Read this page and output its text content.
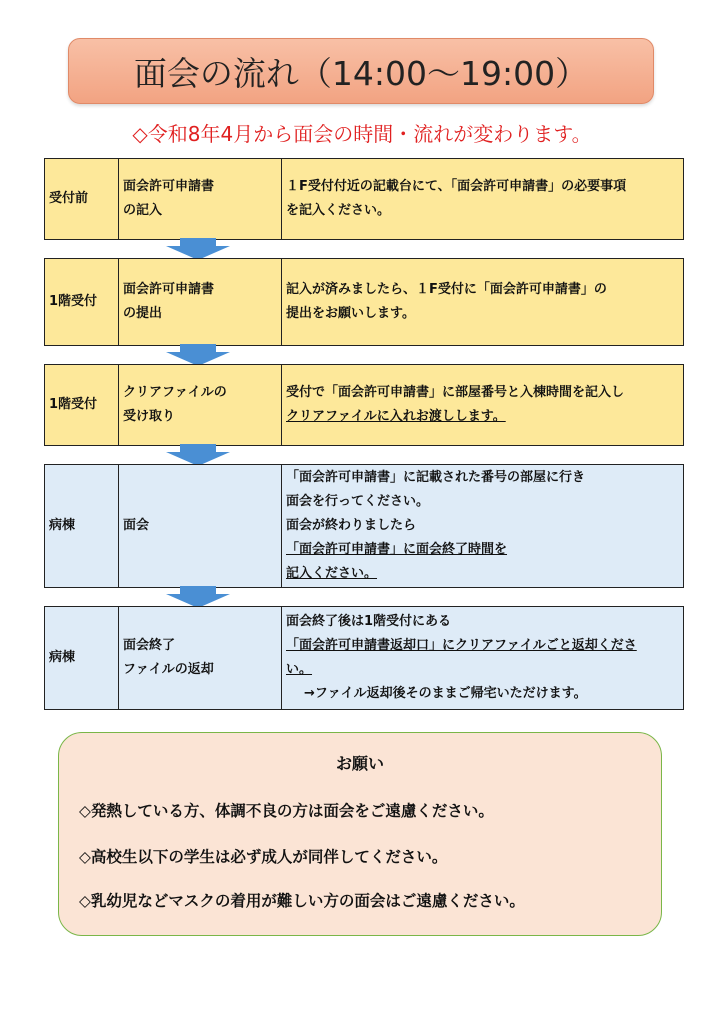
面会の流れ（14:00～19:00）
◇令和8年4月から面会の時間・流れが変わります。
受付前
面会許可申請書
の記入
１F受付付近の記載台にて、「面会許可申請書」の必要事項
を記入ください。
1階受付
面会許可申請書
の提出
記入が済みましたら、１F受付に「面会許可申請書」の
提出をお願いします。
1階受付
クリアファイルの
受け取り
受付で「面会許可申請書」に部屋番号と入棟時間を記入し
クリアファイルに入れお渡しします。
病棟	面会
「面会許可申請書」に記載された番号の部屋に行き
面会を行ってください。
面会が終わりましたら
「面会許可申請書」に面会終了時間を
記入ください。
病棟
面会終了
ファイルの返却
面会終了後は1階受付にある
「面会許可申請書返却口」にクリアファイルごと返却くださ
い。
→ファイル返却後そのままご帰宅いただけます。
お願い
◇発熱している方、体調不良の方は面会をご遠慮ください。
◇高校生以下の学生は必ず成人が同伴してください。
◇乳幼児などマスクの着用が難しい方の面会はご遠慮ください。
